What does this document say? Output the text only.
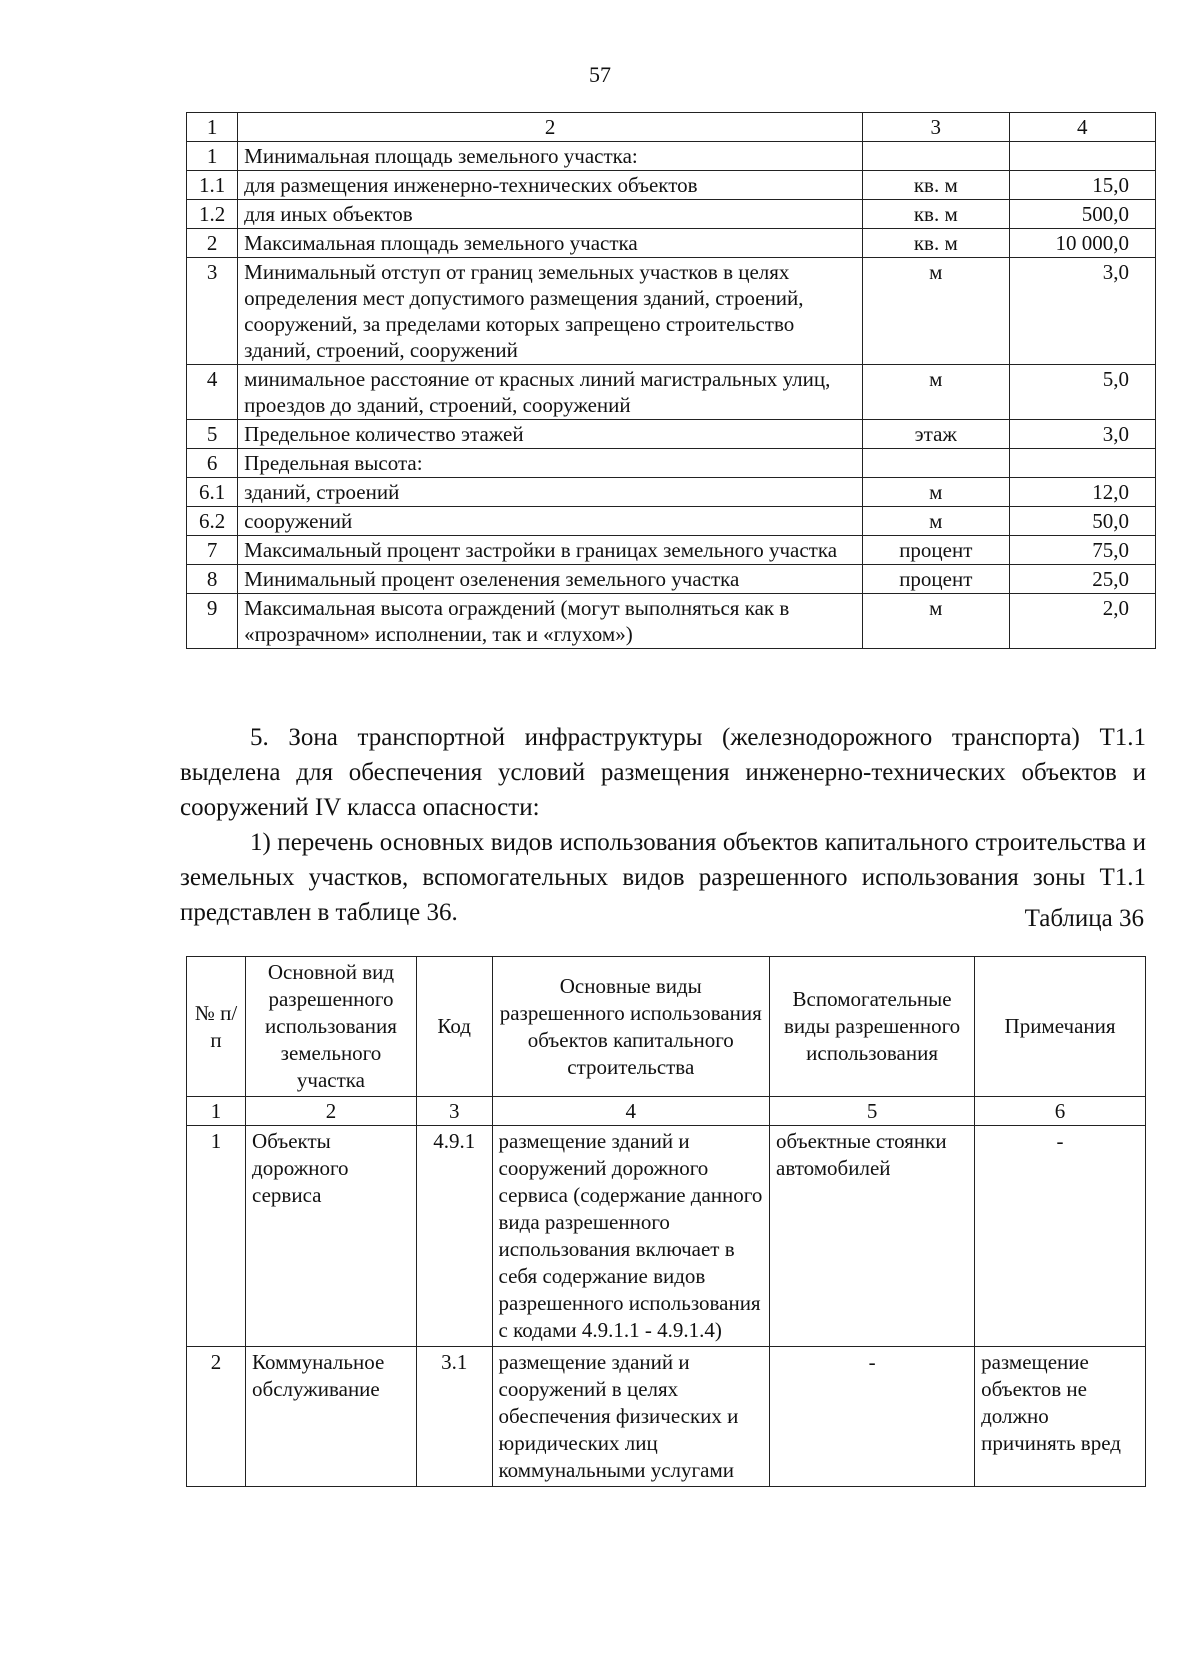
57
1	2	3	4
1	Минимальная площадь земельного участка:		
1.1	для размещения инженерно-технических объектов	кв. м	15,0
1.2	для иных объектов	кв. м	500,0
2	Максимальная площадь земельного участка	кв. м	10 000,0
3	Минимальный отступ от границ земельных участков в целях определения мест допустимого размещения зданий, строений, сооружений, за пределами которых запрещено строительство зданий, строений, сооружений	м	3,0
4	минимальное расстояние от красных линий магистральных улиц, проездов до зданий, строений, сооружений	м	5,0
5	Предельное количество этажей	этаж	3,0
6	Предельная высота:		
6.1	зданий, строений	м	12,0
6.2	сооружений	м	50,0
7	Максимальный процент застройки в границах земельного участка	процент	75,0
8	Минимальный процент озеленения земельного участка	процент	25,0
9	Максимальная высота ограждений (могут выполняться как в «прозрачном» исполнении, так и «глухом»)	м	2,0

5. Зона транспортной инфраструктуры (железнодорожного транспорта) Т1.1 выделена для обеспечения условий размещения инженерно-технических объектов и сооружений IV класса опасности:

1) перечень основных видов использования объектов капитального строительства и земельных участков, вспомогательных видов разрешенного использования зоны Т1.1 представлен в таблице 36.	Таблица 36
№ п/п	Основной вид разрешенного использования земельного участка	Код	Основные виды разрешенного использования объектов капитального строительства	Вспомогательные виды разрешенного использования	Примечания
1	2	3	4	5	6
1	Объекты дорожного сервиса	4.9.1	размещение зданий и сооружений дорожного сервиса (содержание данного вида разрешенного использования включает в себя содержание видов разрешенного использования с кодами 4.9.1.1 - 4.9.1.4)	объектные стоянки автомобилей	-
2	Коммунальное обслуживание	3.1	размещение зданий и сооружений в целях обеспечения физических и юридических лиц коммунальными услугами	-	размещение объектов не должно причинять вред
